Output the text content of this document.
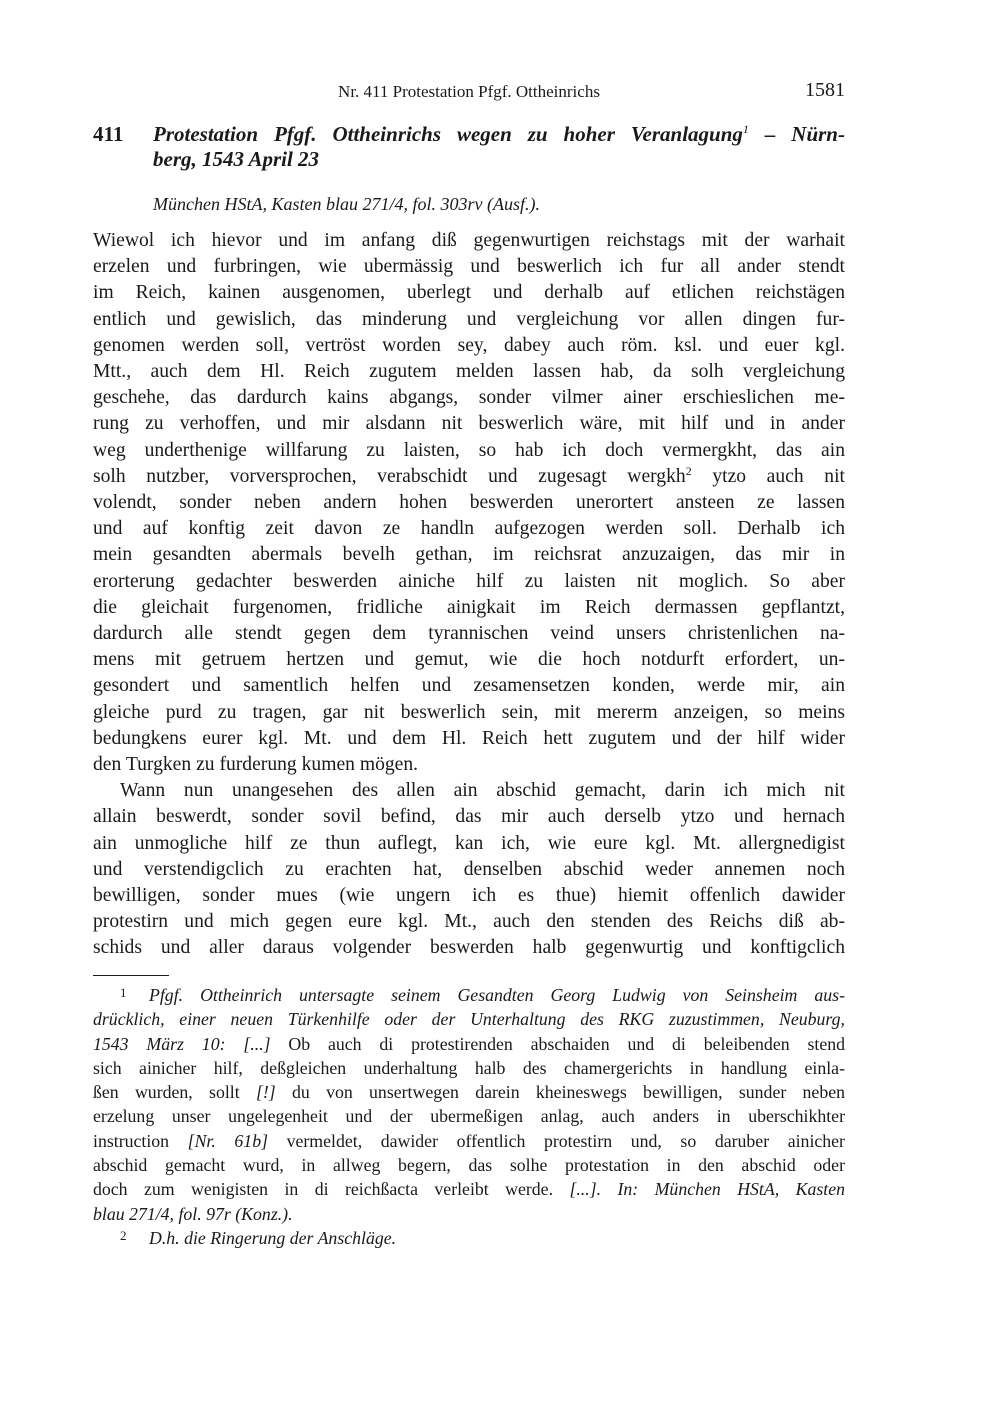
Nr. 411 Protestation Pfgf. Ottheinrichs	1581
411 Protestation Pfgf. Ottheinrichs wegen zu hoher Veranlagung$^1$ – Nürn-
berg, 1543 April 23
München HStA, Kasten blau 271/4, fol. 303rv (Ausf.).

Wiewol ich hievor und im anfang diß gegenwurtigen reichstags mit der warhait
erzelen und furbringen, wie ubermässig und beswerlich ich fur all ander stendt
im Reich, kainen ausgenomen, uberlegt und derhalb auf etlichen reichstägen
entlich und gewislich, das minderung und vergleichung vor allen dingen fur-
genomen werden soll, vertröst worden sey, dabey auch röm. ksl. und euer kgl.
Mtt., auch dem Hl. Reich zugutem melden lassen hab, da solh vergleichung
geschehe, das dardurch kains abgangs, sonder vilmer ainer erschieslichen me-
rung zu verhoffen, und mir alsdann nit beswerlich wäre, mit hilf und in ander
weg underthenige willfarung zu laisten, so hab ich doch vermergkht, das ain
solh nutzber, vorversprochen, verabschidt und zugesagt wergkh$^2$ ytzo auch nit
volendt, sonder neben andern hohen beswerden unerortert ansteen ze lassen
und auf konftig zeit davon ze handln aufgezogen werden soll. Derhalb ich
mein gesandten abermals bevelh gethan, im reichsrat anzuzaigen, das mir in
erorterung gedachter beswerden ainiche hilf zu laisten nit moglich. So aber
die gleichait furgenomen, fridliche ainigkait im Reich dermassen gepflantzt,
dardurch alle stendt gegen dem tyrannischen veind unsers christenlichen na-
mens mit getruem hertzen und gemut, wie die hoch notdurft erfordert, un-
gesondert und samentlich helfen und zesamensetzen konden, werde mir, ain
gleiche purd zu tragen, gar nit beswerlich sein, mit mererm anzeigen, so meins
bedungkens eurer kgl. Mt. und dem Hl. Reich hett zugutem und der hilf wider
den Turgken zu furderung kumen mögen.

Wann nun unangesehen des allen ain abschid gemacht, darin ich mich nit
allain beswerdt, sonder sovil befind, das mir auch derselb ytzo und hernach
ain unmogliche hilf ze thun auflegt, kan ich, wie eure kgl. Mt. allergnedigist
und verstendigclich zu erachten hat, denselben abschid weder annemen noch
bewilligen, sonder mues (wie ungern ich es thue) hiemit offenlich dawider
protestirn und mich gegen eure kgl. Mt., auch den stenden des Reichs diß ab-
schids und aller daraus volgender beswerden halb gegenwurtig und konftigclich

1 Pfgf. Ottheinrich untersagte seinem Gesandten Georg Ludwig von Seinsheim aus-
drücklich, einer neuen Türkenhilfe oder der Unterhaltung des RKG zuzustimmen, Neuburg,
1543 März 10: [...] Ob auch di protestirenden abschaiden und di beleibenden stend
sich ainicher hilf, deßgleichen underhaltung halb des chamergerichts in handlung einla-
ßen wurden, sollt [!] du von unsertwegen darein kheineswegs bewilligen, sunder neben
erzelung unser ungelegenheit und der ubermeßigen anlag, auch anders in uberschikhter
instruction [Nr. 61b] vermeldet, dawider offentlich protestirn und, so daruber ainicher
abschid gemacht wurd, in allweg begern, das solhe protestation in den abschid oder
doch zum wenigisten in di reichßacta verleibt werde. [...]. In: München HStA, Kasten
blau 271/4, fol. 97r (Konz.).

2 D.h. die Ringerung der Anschläge.
